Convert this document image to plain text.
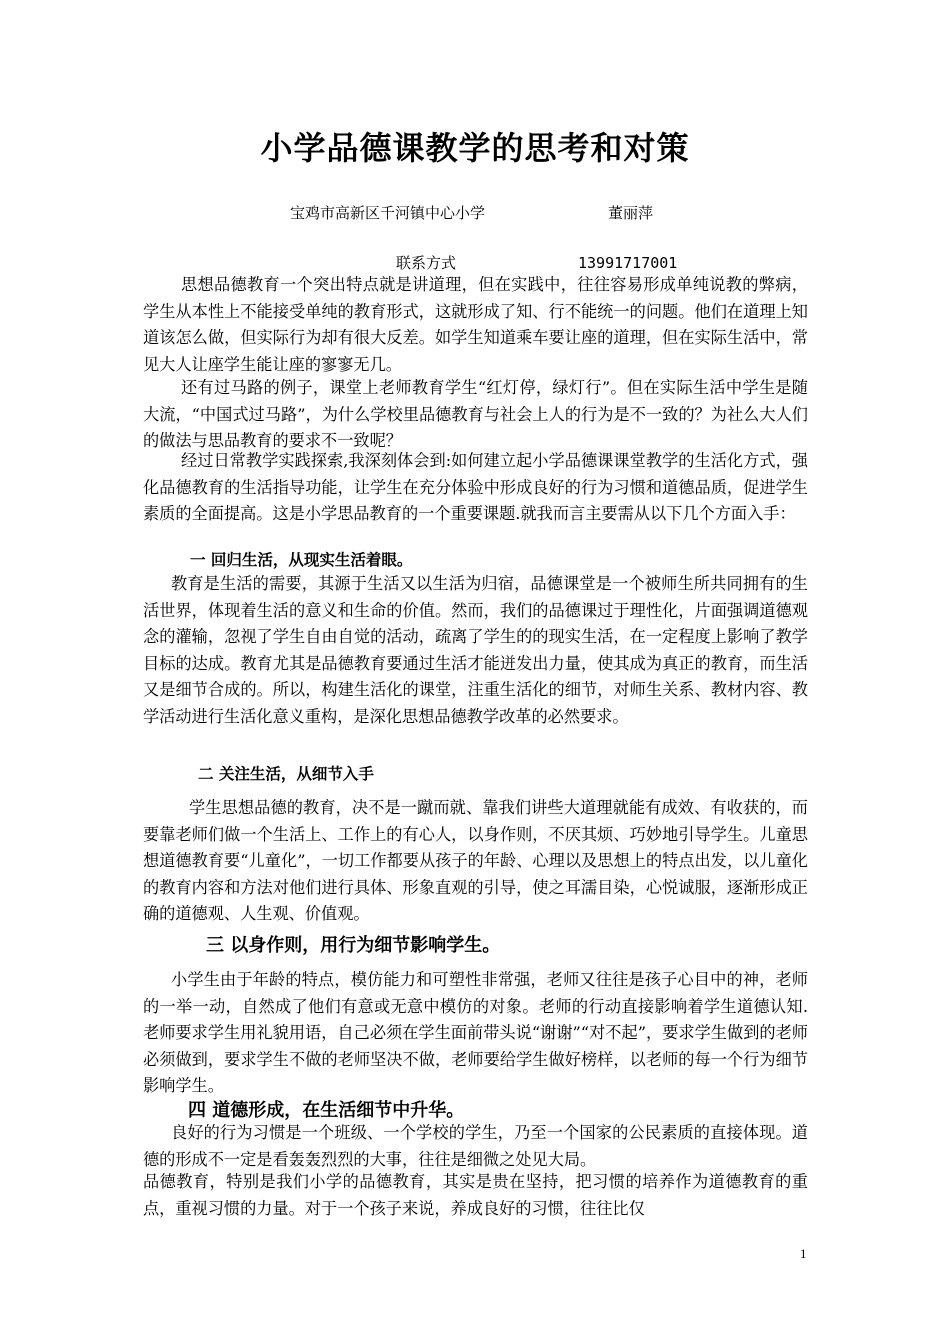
小学品德课教学的思考和对策
宝鸡市高新区千河镇中心小学	董丽萍
联系方式	13991717001
思想品德教育一个突出特点就是讲道理，但在实践中，往往容易形成单纯说教的弊病，学生从本性上不能接受单纯的教育形式，这就形成了知、行不能统一的问题。他们在道理上知道该怎么做，但实际行为却有很大反差。如学生知道乘车要让座的道理，但在实际生活中，常见大人让座学生能让座的寥寥无几。
还有过马路的例子，课堂上老师教育学生“红灯停，绿灯行”。但在实际生活中学生是随大流，“中国式过马路”，为什么学校里品德教育与社会上人的行为是不一致的？为社么大人们的做法与思品教育的要求不一致呢？
经过日常教学实践探索,我深刻体会到:如何建立起小学品德课课堂教学的生活化方式，强化品德教育的生活指导功能，让学生在充分体验中形成良好的行为习惯和道德品质，促进学生素质的全面提高。这是小学思品教育的一个重要课题.就我而言主要需从以下几个方面入手：
一 回归生活，从现实生活着眼。
教育是生活的需要，其源于生活又以生活为归宿，品德课堂是一个被师生所共同拥有的生活世界，体现着生活的意义和生命的价值。然而，我们的品德课过于理性化，片面强调道德观念的灌输，忽视了学生自由自觉的活动，疏离了学生的的现实生活，在一定程度上影响了教学目标的达成。教育尤其是品德教育要通过生活才能迸发出力量，使其成为真正的教育，而生活又是细节合成的。所以，构建生活化的课堂，注重生活化的细节，对师生关系、教材内容、教学活动进行生活化意义重构，是深化思想品德教学改革的必然要求。
二 关注生活，从细节入手
学生思想品德的教育，决不是一蹴而就、靠我们讲些大道理就能有成效、有收获的，而要靠老师们做一个生活上、工作上的有心人，以身作则，不厌其烦、巧妙地引导学生。儿童思想道德教育要“儿童化”，一切工作都要从孩子的年龄、心理以及思想上的特点出发，以儿童化的教育内容和方法对他们进行具体、形象直观的引导，使之耳濡目染，心悦诚服，逐渐形成正确的道德观、人生观、价值观。
三 以身作则，用行为细节影响学生。
小学生由于年龄的特点，模仿能力和可塑性非常强，老师又往往是孩子心目中的神，老师的一举一动，自然成了他们有意或无意中模仿的对象。老师的行动直接影响着学生道德认知.老师要求学生用礼貌用语，自己必须在学生面前带头说“谢谢”“对不起”，要求学生做到的老师必须做到，要求学生不做的老师坚决不做，老师要给学生做好榜样，以老师的每一个行为细节影响学生。
四 道德形成，在生活细节中升华。
良好的行为习惯是一个班级、一个学校的学生，乃至一个国家的公民素质的直接体现。道德的形成不一定是看轰轰烈烈的大事，往往是细微之处见大局。
品德教育，特别是我们小学的品德教育，其实是贵在坚持，把习惯的培养作为道德教育的重点，重视习惯的力量。对于一个孩子来说，养成良好的习惯，往往比仅
1
